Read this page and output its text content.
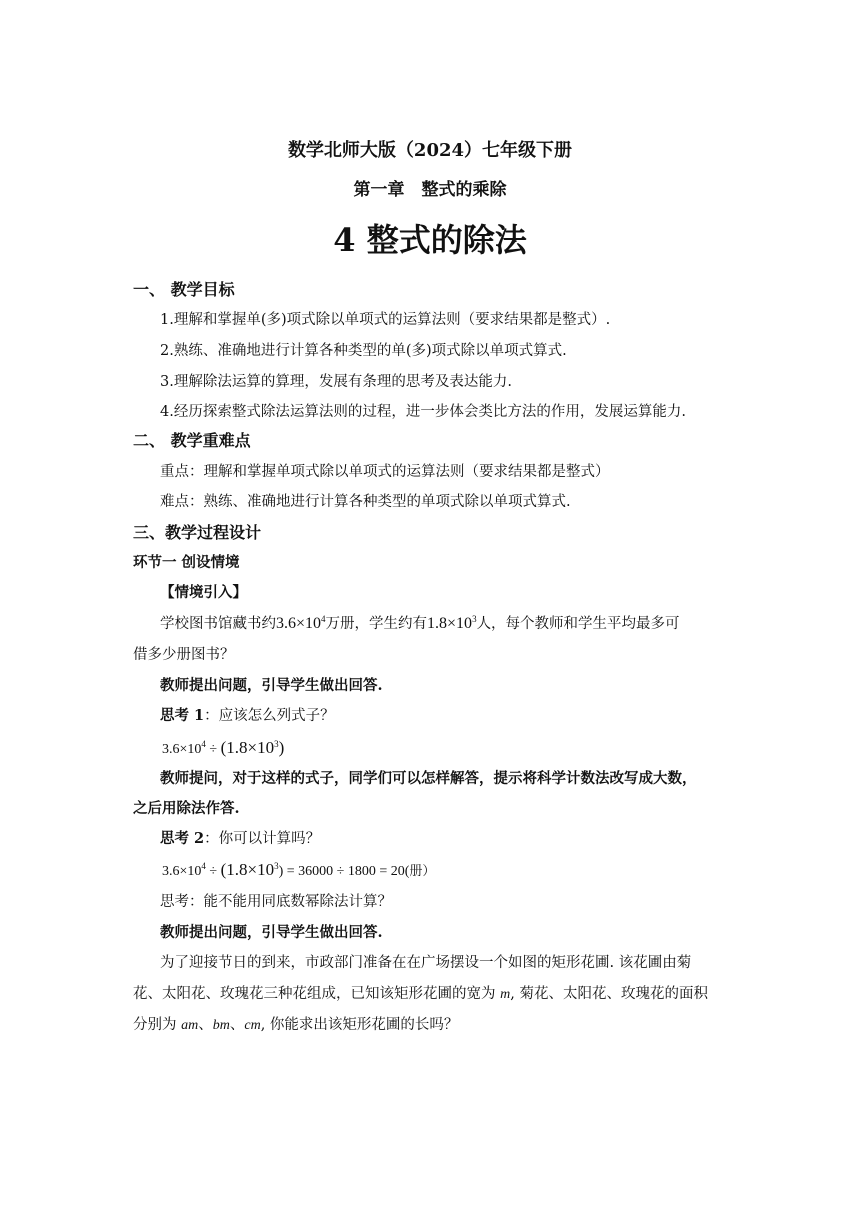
数学北师大版（2024）七年级下册
第一章　整式的乘除
4 整式的除法
一、 教学目标
1.理解和掌握单(多)项式除以单项式的运算法则（要求结果都是整式）.
2.熟练、准确地进行计算各种类型的单(多)项式除以单项式算式.
3.理解除法运算的算理，发展有条理的思考及表达能力.
4.经历探索整式除法运算法则的过程，进一步体会类比方法的作用，发展运算能力.
二、 教学重难点
重点：理解和掌握单项式除以单项式的运算法则（要求结果都是整式）
难点：熟练、准确地进行计算各种类型的单项式除以单项式算式.
三、教学过程设计
环节一 创设情境
【情境引入】
学校图书馆藏书约$3.6\times 10^4$万册，学生约有$1.8\times 10^3$人，每个教师和学生平均最多可
借多少册图书？
教师提出问题，引导学生做出回答.
思考 1：应该怎么列式子？
$3.6\times 10^4 \div (1.8\times 10^3)$
教师提问，对于这样的式子，同学们可以怎样解答，提示将科学计数法改写成大数，
之后用除法作答.
思考 2：你可以计算吗？
$3.6\times 10^4 \div (1.8\times 10^3) = 36000 \div 1800 = 20$(册）
思考：能不能用同底数幂除法计算？
教师提出问题，引导学生做出回答.
为了迎接节日的到来，市政部门准备在在广场摆设一个如图的矩形花圃. 该花圃由菊
花、太阳花、玫瑰花三种花组成，已知该矩形花圃的宽为 m, 菊花、太阳花、玫瑰花的面积
分别为 am、bm、cm, 你能求出该矩形花圃的长吗？
